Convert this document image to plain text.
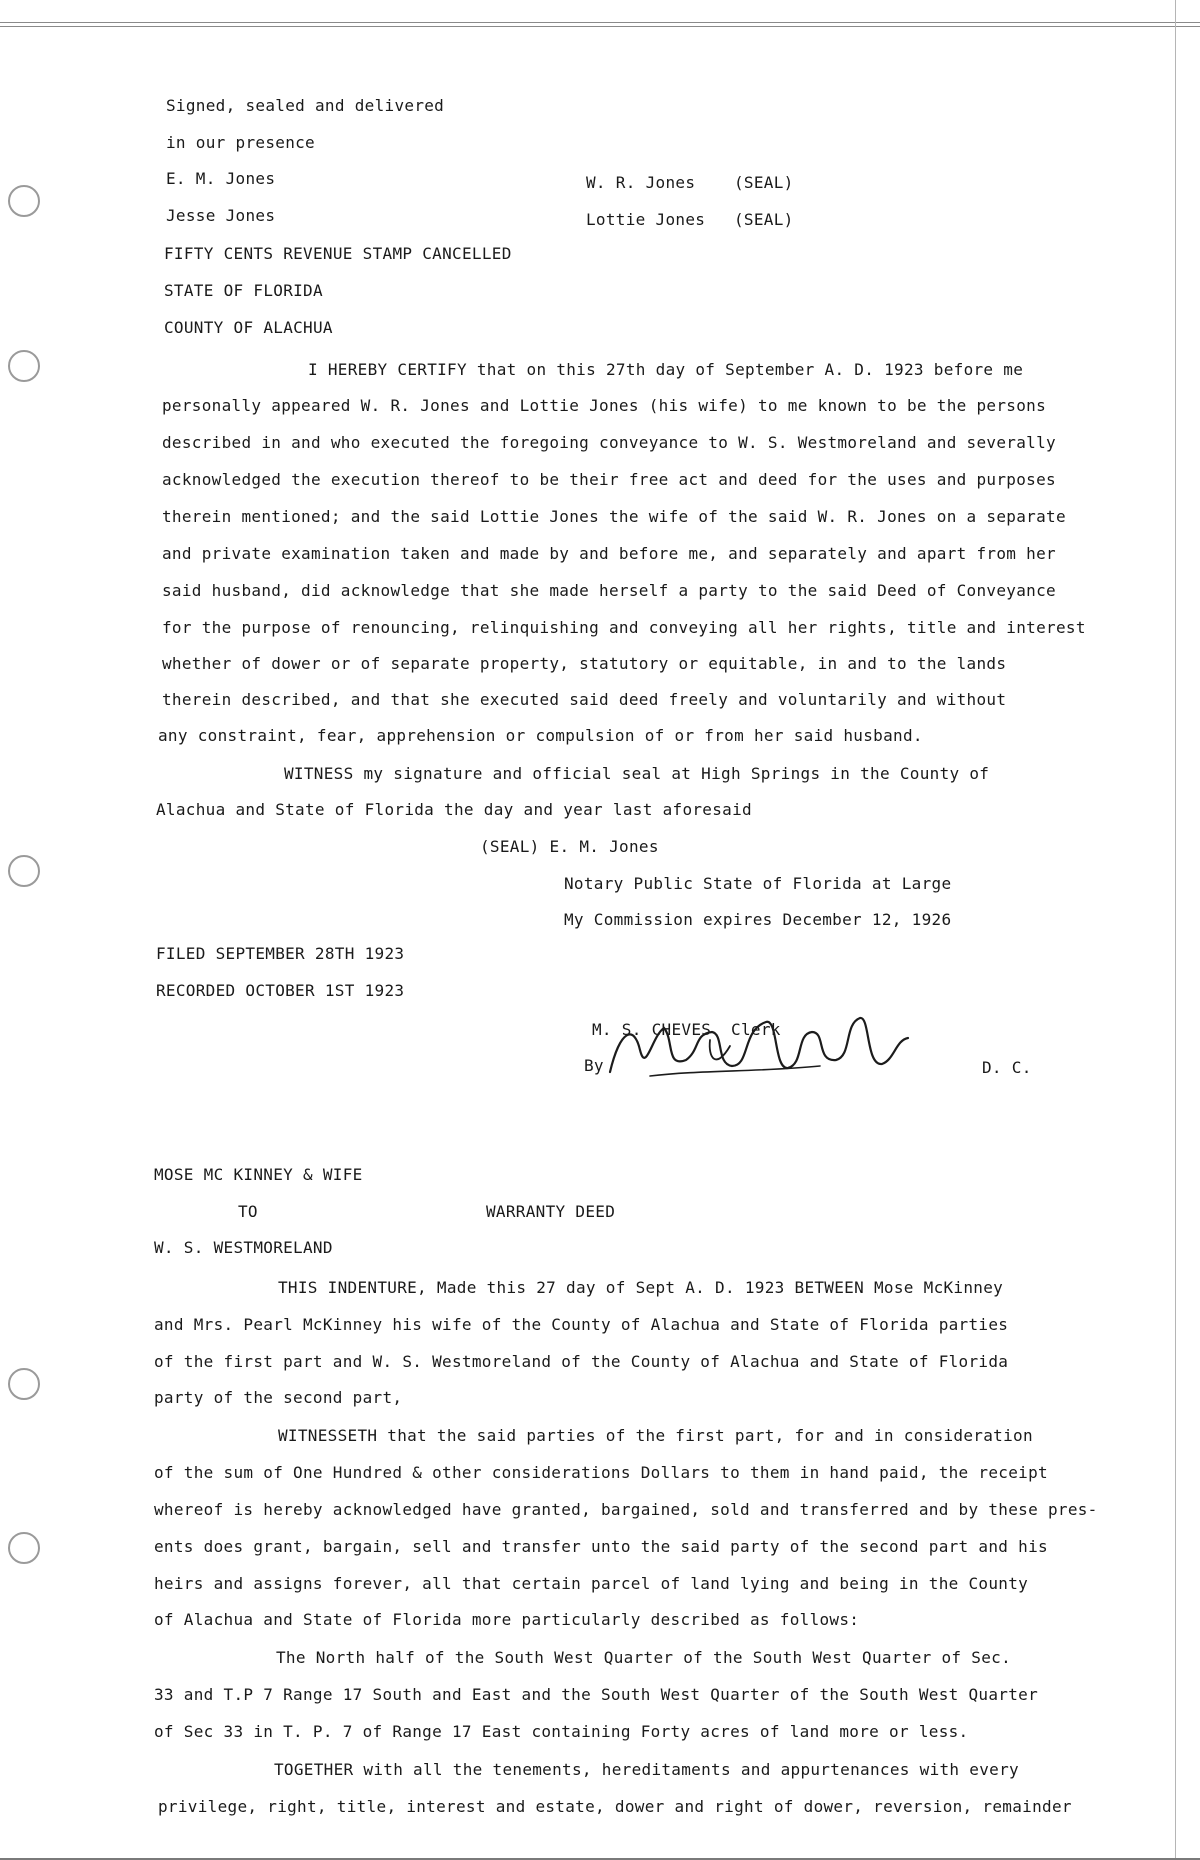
Signed, sealed and delivered
in our presence
E. M. Jones
Jesse Jones
W. R. Jones
Lottie Jones
(SEAL)
(SEAL)
FIFTY CENTS REVENUE STAMP CANCELLED
STATE OF FLORIDA
COUNTY OF ALACHUA
I HEREBY CERTIFY that on this 27th day of September A. D. 1923 before me
personally appeared W. R. Jones and Lottie Jones (his wife) to me known to be the persons
described in and who executed the foregoing conveyance to W. S. Westmoreland and severally
acknowledged the execution thereof to be their free act and deed for the uses and purposes
therein mentioned; and the said Lottie Jones the wife of the said W. R. Jones on a separate
and private examination taken and made by and before me, and separately and apart from her
said husband, did acknowledge that she made herself a party to the said Deed of Conveyance
for the purpose of renouncing, relinquishing and conveying all her rights, title and interest
whether of dower or of separate property, statutory or equitable, in and to the lands
therein described, and that she executed said deed freely and voluntarily and without
any constraint, fear, apprehension or compulsion of or from her said husband.
WITNESS my signature and official seal at High Springs in the County of
Alachua and State of Florida the day and year last aforesaid
(SEAL) E. M. Jones
Notary Public State of Florida at Large
My Commission expires December 12, 1926
FILED SEPTEMBER 28TH 1923
RECORDED OCTOBER 1ST 1923
M. S. CHEVES  Clerk
By	D. C.
MOSE MC KINNEY & WIFE
TO	WARRANTY DEED
W. S. WESTMORELAND
THIS INDENTURE, Made this 27 day of Sept A. D. 1923 BETWEEN Mose McKinney
and Mrs. Pearl McKinney his wife of the County of Alachua and State of Florida parties
of the first part and W. S. Westmoreland of the County of Alachua and State of Florida
party of the second part,
WITNESSETH that the said parties of the first part, for and in consideration
of the sum of One Hundred & other considerations Dollars to them in hand paid, the receipt
whereof is hereby acknowledged have granted, bargained, sold and transferred and by these pres-
ents does grant, bargain, sell and transfer unto the said party of the second part and his
heirs and assigns forever, all that certain parcel of land lying and being in the County
of Alachua and State of Florida more particularly described as follows:
The North half of the South West Quarter of the South West Quarter of Sec.
33 and T.P 7 Range 17 South and East and the South West Quarter of the South West Quarter
of Sec 33 in T. P. 7 of Range 17 East containing Forty acres of land more or less.
TOGETHER with all the tenements, hereditaments and appurtenances with every
privilege, right, title, interest and estate, dower and right of dower, reversion, remainder
